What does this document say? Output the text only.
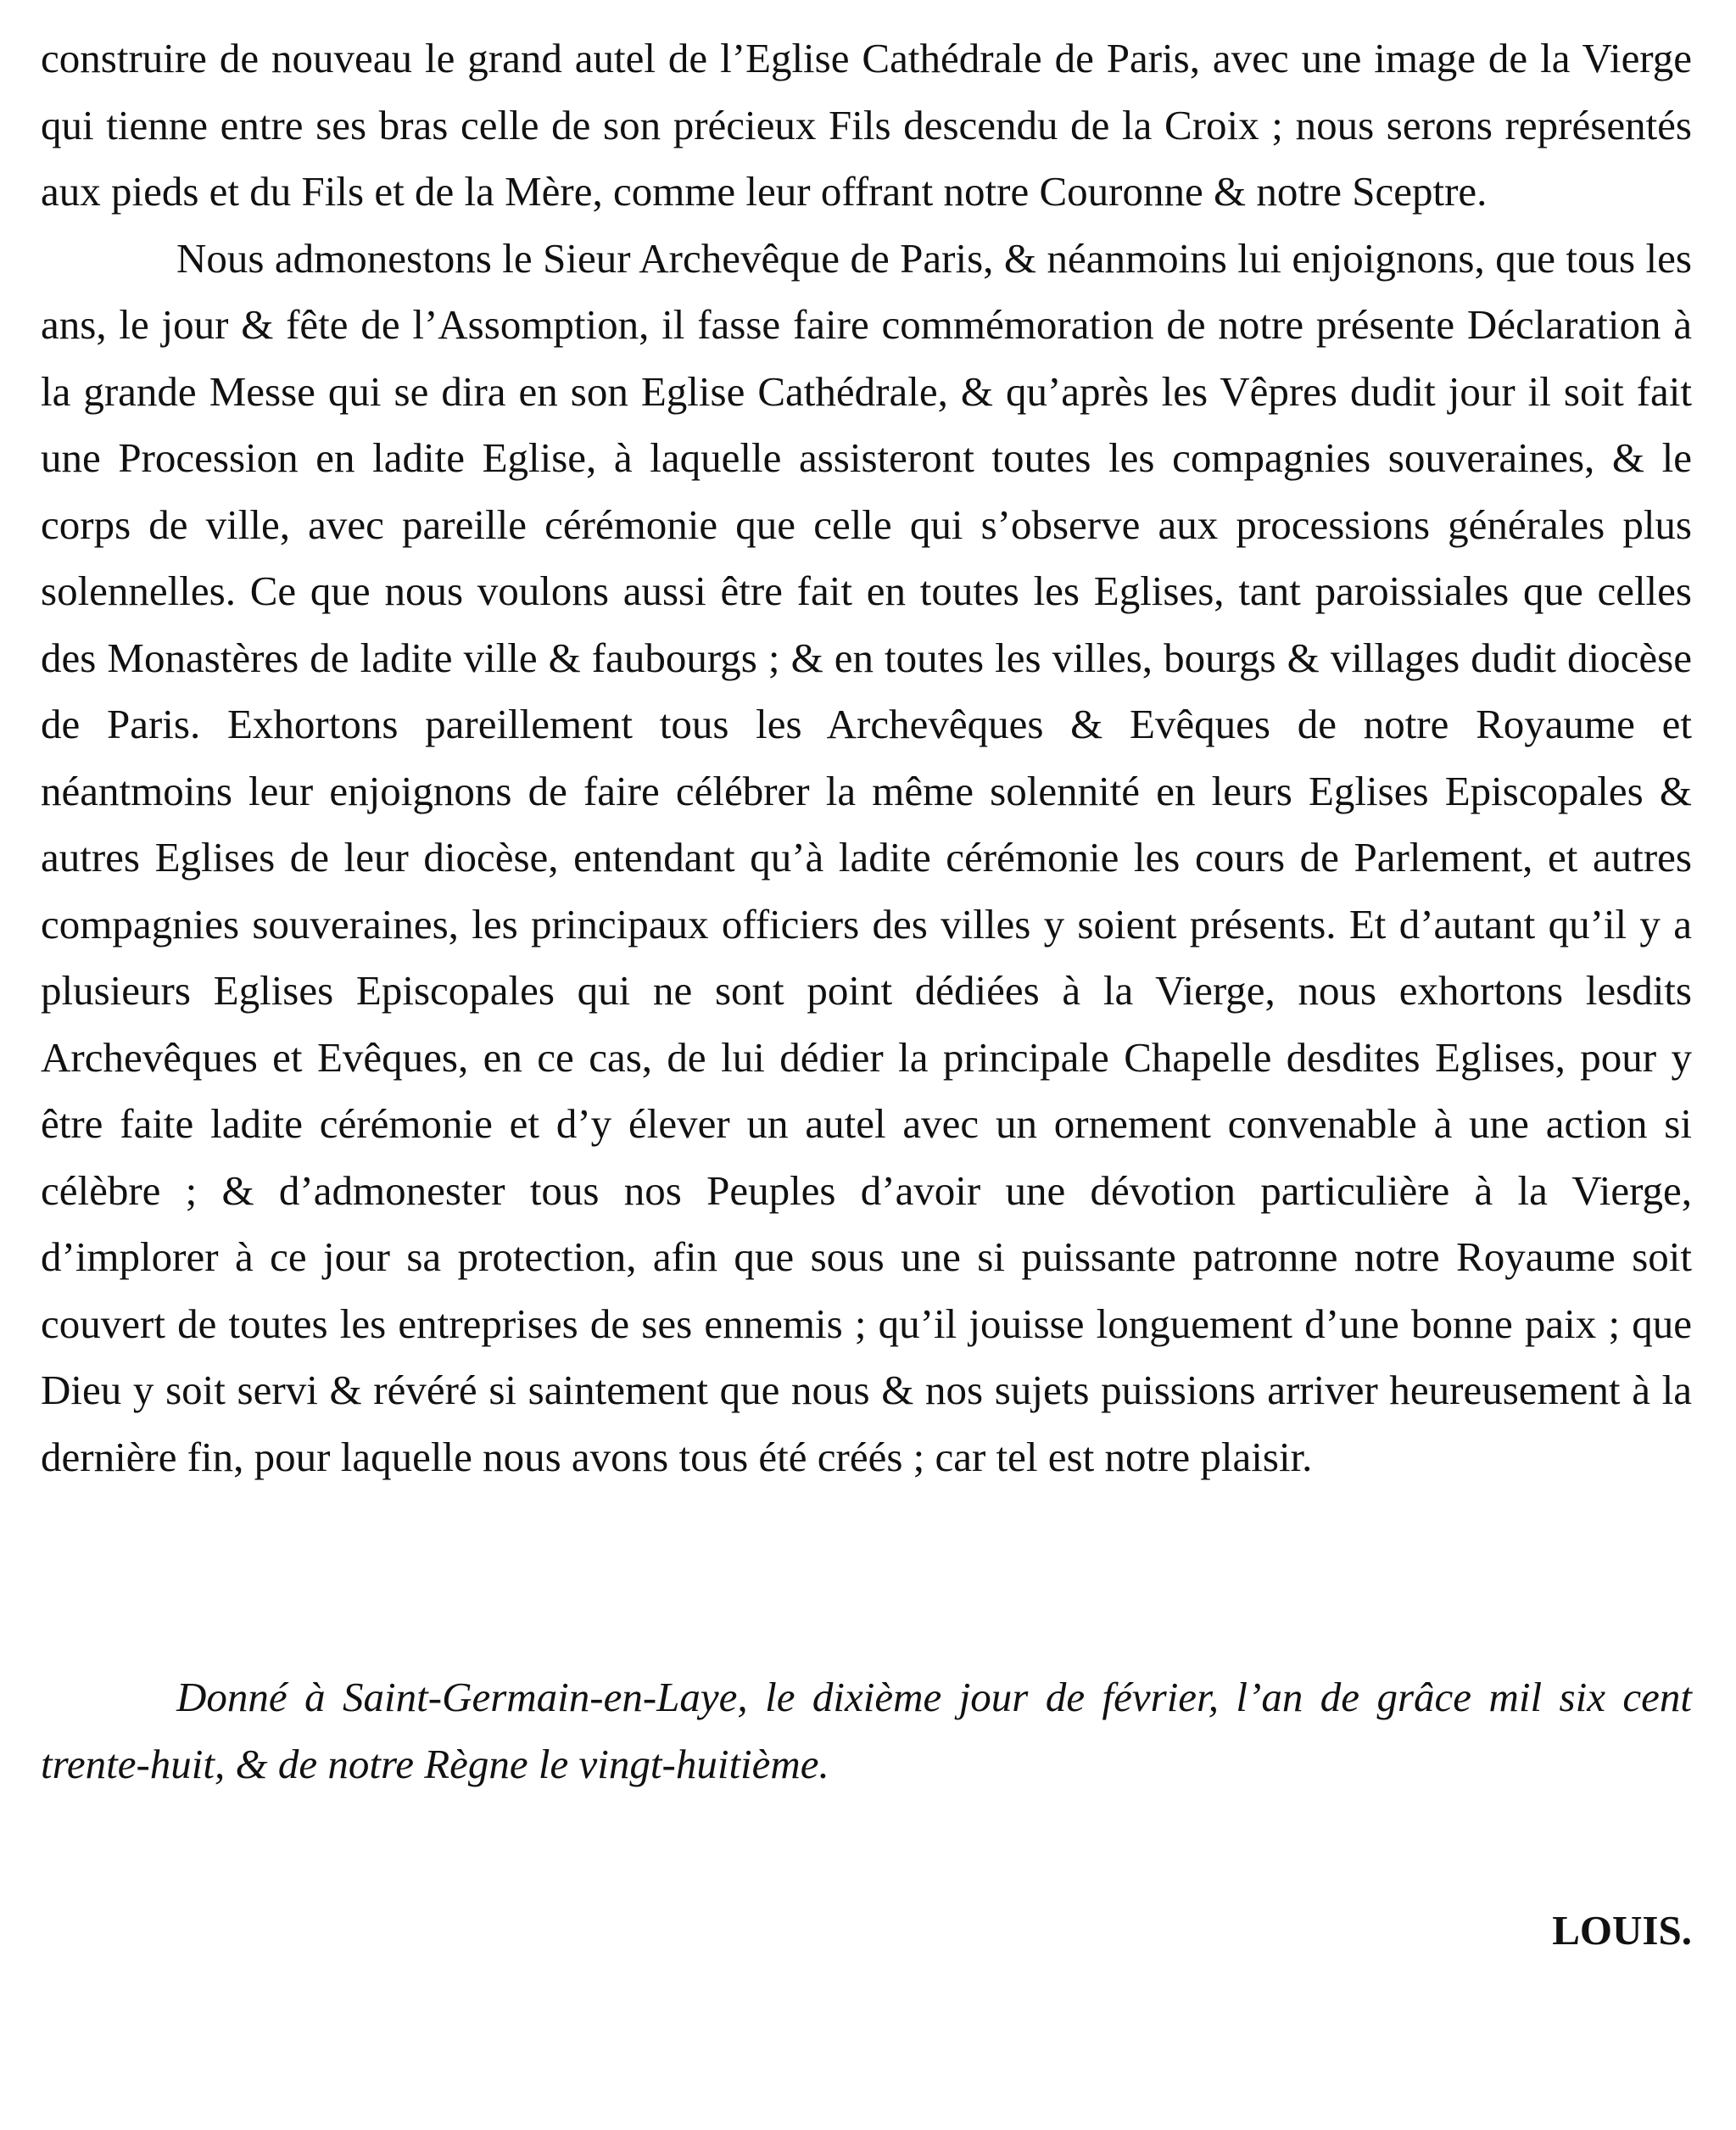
construire de nouveau le grand autel de l’Eglise Cathédrale de Paris, avec une image de la Vierge qui tienne entre ses bras celle de son précieux Fils descendu de la Croix ; nous serons représentés aux pieds et du Fils et de la Mère, comme leur offrant notre Couronne & notre Sceptre.

Nous admonestons le Sieur Archevêque de Paris, & néanmoins lui enjoignons, que tous les ans, le jour & fête de l’Assomption, il fasse faire commémoration de notre présente Déclaration à la grande Messe qui se dira en son Eglise Cathédrale, & qu’après les Vêpres dudit jour il soit fait une Procession en ladite Eglise, à laquelle assisteront toutes les compagnies souveraines, & le corps de ville, avec pareille cérémonie que celle qui s’observe aux processions générales plus solennelles. Ce que nous voulons aussi être fait en toutes les Eglises, tant paroissiales que celles des Monastères de ladite ville & faubourgs ; & en toutes les villes, bourgs & villages dudit diocèse de Paris. Exhortons pareillement tous les Archevêques & Evêques de notre Royaume et néantmoins leur enjoignons de faire célébrer la même solennité en leurs Eglises Episcopales & autres Eglises de leur diocèse, entendant qu’à ladite cérémonie les cours de Parlement, et autres compagnies souveraines, les principaux officiers des villes y soient présents. Et d’autant qu’il y a plusieurs Eglises Episcopales qui ne sont point dédiées à la Vierge, nous exhortons lesdits Archevêques et Evêques, en ce cas, de lui dédier la principale Chapelle desdites Eglises, pour y être faite ladite cérémonie et d’y élever un autel avec un ornement convenable à une action si célèbre ; & d’admonester tous nos Peuples d’avoir une dévotion particulière à la Vierge, d’implorer à ce jour sa protection, afin que sous une si puissante patronne notre Royaume soit couvert de toutes les entreprises de ses ennemis ; qu’il jouisse longuement d’une bonne paix ; que Dieu y soit servi & révéré si saintement que nous & nos sujets puissions arriver heureusement à la dernière fin, pour laquelle nous avons tous été créés ; car tel est notre plaisir.

Donné à Saint-Germain-en-Laye, le dixième jour de février, l’an de grâce mil six cent trente-huit, & de notre Règne le vingt-huitième.

LOUIS.
